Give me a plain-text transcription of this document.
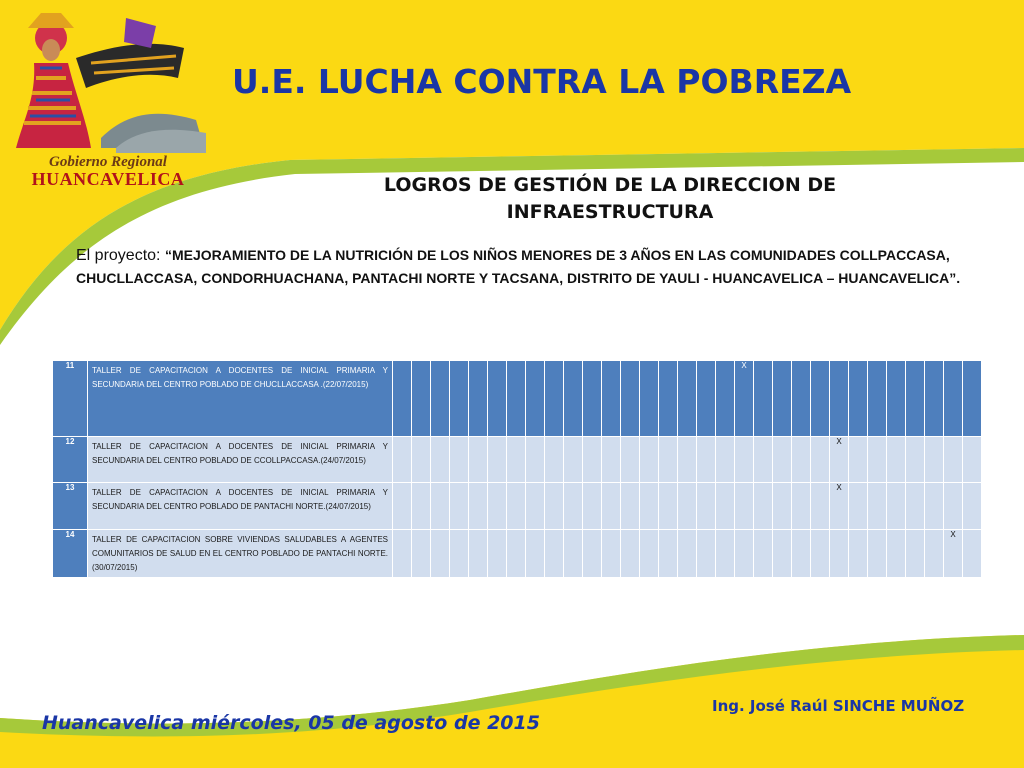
Gobierno Regional
HUANCAVELICA
U.E. LUCHA CONTRA LA POBREZA
LOGROS DE GESTIÓN DE LA DIRECCION DE INFRAESTRUCTURA
El proyecto: “MEJORAMIENTO DE LA NUTRICIÓN DE LOS NIÑOS MENORES DE 3 AÑOS EN LAS COMUNIDADES COLLPACCASA, CHUCLLACCASA, CONDORHUACHANA, PANTACHI NORTE Y TACSANA, DISTRITO DE YAULI - HUANCAVELICA – HUANCAVELICA”.
11	TALLER DE CAPACITACION A DOCENTES DE INICIAL PRIMARIA Y SECUNDARIA DEL CENTRO POBLADO DE CHUCLLACCASA .(22/07/2015)																			X												
12	TALLER DE CAPACITACION A DOCENTES DE INICIAL PRIMARIA Y SECUNDARIA DEL CENTRO POBLADO DE CCOLLPACCASA.(24/07/2015)																								X							
13	TALLER DE CAPACITACION A DOCENTES DE INICIAL PRIMARIA Y SECUNDARIA DEL CENTRO POBLADO DE PANTACHI NORTE.(24/07/2015)																								X							
14	TALLER DE CAPACITACION SOBRE VIVIENDAS SALUDABLES A AGENTES COMUNITARIOS DE SALUD EN EL CENTRO POBLADO DE PANTACHI NORTE.(30/07/2015)																														X	
Ing. José Raúl SINCHE MUÑOZ
Huancavelica miércoles, 05 de agosto de 2015
